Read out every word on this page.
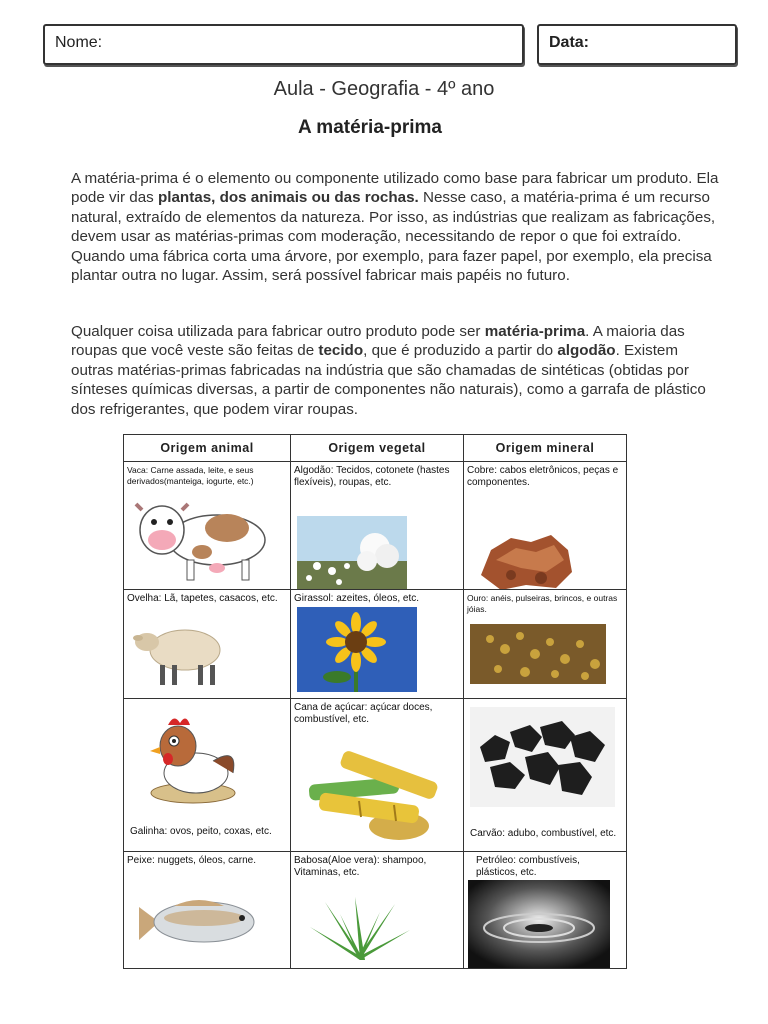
Nome:	Data:
Aula - Geografia - 4º ano
A matéria-prima

A matéria-prima é o elemento ou componente utilizado como base para fabricar um produto. Ela pode vir das plantas, dos animais ou das rochas. Nesse caso, a matéria-prima é um recurso natural, extraído de elementos da natureza. Por isso, as indústrias que realizam as fabricações, devem usar as matérias-primas com moderação, necessitando de repor o que foi extraído. Quando uma fábrica corta uma árvore, por exemplo, para fazer papel, por exemplo, ela precisa plantar outra no lugar. Assim, será possível fabricar mais papéis no futuro.

Qualquer coisa utilizada para fabricar outro produto pode ser matéria-prima. A maioria das roupas que você veste são feitas de tecido, que é produzido a partir do algodão. Existem outras matérias-primas fabricadas na indústria que são chamadas de sintéticas (obtidas por sínteses químicas diversas, a partir de componentes não naturais), como a garrafa de plástico dos refrigerantes, que podem virar roupas.

Origem animal	Origem vegetal	Origem mineral

Vaca: Carne assada, leite, e seus derivados(manteiga, iogurte, etc.)	Algodão: Tecidos, cotonete (hastes flexíveis), roupas, etc.	Cobre: cabos eletrônicos, peças e componentes.

Ovelha: Lã, tapetes, casacos, etc.	Girassol: azeites, óleos, etc.	Ouro: anéis, pulseiras, brincos, e outras jóias.

Galinha: ovos, peito, coxas, etc.	Cana de açúcar: açúcar doces, combustível, etc.	Carvão: adubo, combustível, etc.

Peixe: nuggets, óleos, carne.	Babosa(Aloe vera): shampoo, Vitaminas, etc.	Petróleo: combustíveis, plásticos, etc.
